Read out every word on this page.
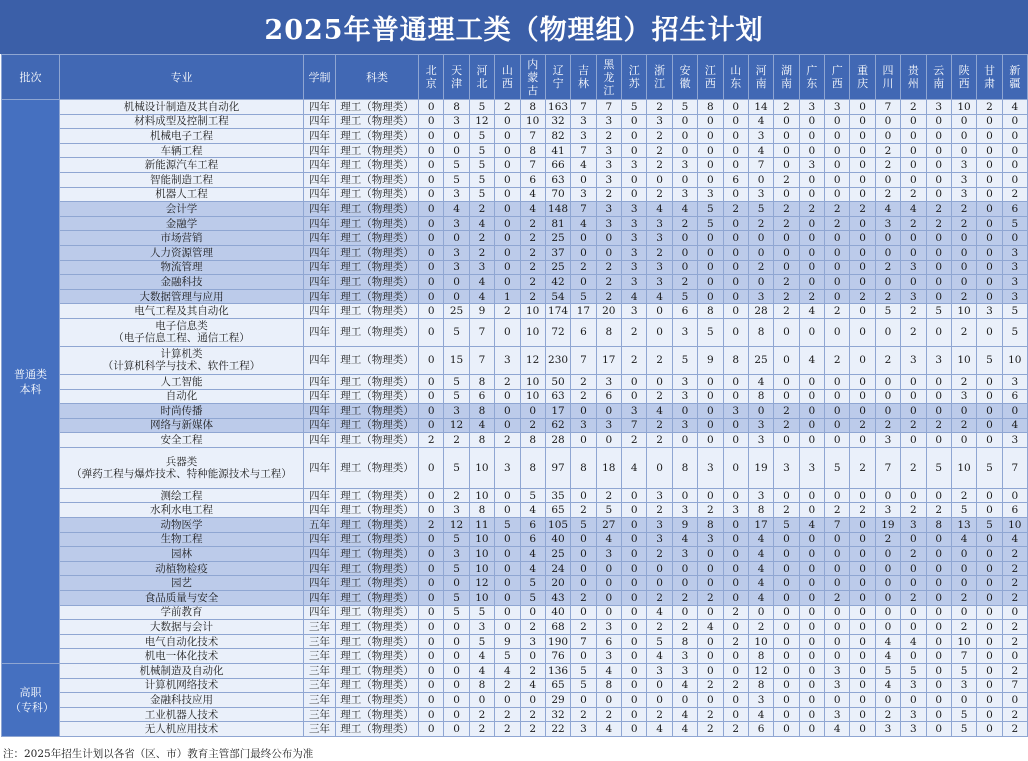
2025年普通理工类（物理组）招生计划
批次	专业	学制	科类	北京	天津	河北	山西	内蒙古	辽宁	吉林	黑龙江	江苏	浙江	安徽	江西	山东	河南	湖南	广东	广西	重庆	四川	贵州	云南	陕西	甘肃	新疆
普通类本科	机械设计制造及其自动化	四年	理工（物理类）	0	8	5	2	8	163	7	7	5	2	5	8	0	14	2	3	3	0	7	2	3	10	2	4
	材料成型及控制工程	四年	理工（物理类）	0	3	12	0	10	32	3	3	0	3	0	0	0	4	0	0	0	0	0	0	0	0	0	0
	机械电子工程	四年	理工（物理类）	0	0	5	0	7	82	3	2	0	2	0	0	0	3	0	0	0	0	0	0	0	0	0	0
	车辆工程	四年	理工（物理类）	0	0	5	0	8	41	7	3	0	2	0	0	0	4	0	0	0	0	2	0	0	0	0	0
	新能源汽车工程	四年	理工（物理类）	0	5	5	0	7	66	4	3	3	2	3	0	0	7	0	3	0	0	2	0	0	3	0	0
	智能制造工程	四年	理工（物理类）	0	5	5	0	6	63	0	3	0	0	0	0	6	0	2	0	0	0	0	0	0	3	0	0
	机器人工程	四年	理工（物理类）	0	3	5	0	4	70	3	2	0	2	3	3	0	3	0	0	0	0	2	2	0	3	0	2
	会计学	四年	理工（物理类）	0	4	2	0	4	148	7	3	3	4	4	5	2	5	2	2	2	2	4	4	2	2	0	6
	金融学	四年	理工（物理类）	0	3	4	0	2	81	4	3	3	3	2	5	0	2	2	0	2	0	3	2	2	2	0	5
	市场营销	四年	理工（物理类）	0	0	2	0	2	25	0	0	3	3	0	0	0	0	0	0	0	0	0	0	0	0	0	0
	人力资源管理	四年	理工（物理类）	0	3	2	0	2	37	0	0	3	2	0	0	0	0	0	0	0	0	0	0	0	0	0	3
	物流管理	四年	理工（物理类）	0	3	3	0	2	25	2	2	3	3	0	0	0	2	0	0	0	0	2	3	0	0	0	3
	金融科技	四年	理工（物理类）	0	0	4	0	2	42	0	2	3	3	2	0	0	0	2	0	0	0	0	0	0	0	0	3
	大数据管理与应用	四年	理工（物理类）	0	0	4	1	2	54	5	2	4	4	5	0	0	3	2	2	0	2	2	3	0	2	0	3
	电气工程及其自动化	四年	理工（物理类）	0	25	9	2	10	174	17	20	3	0	6	8	0	28	2	4	2	0	5	2	5	10	3	5
	电子信息类
（电子信息工程、通信工程）	四年	理工（物理类）	0	5	7	0	10	72	6	8	2	0	3	5	0	8	0	0	0	0	0	2	0	2	0	5
	计算机类
（计算机科学与技术、软件工程）	四年	理工（物理类）	0	15	7	3	12	230	7	17	2	2	5	9	8	25	0	4	2	0	2	3	3	10	5	10
	人工智能	四年	理工（物理类）	0	5	8	2	10	50	2	3	0	0	3	0	0	4	0	0	0	0	0	0	0	2	0	3
	自动化	四年	理工（物理类）	0	5	6	0	10	63	2	6	0	2	3	0	0	8	0	0	0	0	0	0	0	3	0	6
	时尚传播	四年	理工（物理类）	0	3	8	0	0	17	0	0	3	4	0	0	3	0	2	0	0	0	0	0	0	0	0	0
	网络与新媒体	四年	理工（物理类）	0	12	4	0	2	62	3	3	7	2	3	0	0	3	2	0	0	2	2	2	2	2	0	4
	安全工程	四年	理工（物理类）	2	2	8	2	8	28	0	0	2	2	0	0	0	3	0	0	0	0	3	0	0	0	0	3
	兵器类
（弹药工程与爆炸技术、特种能源技术与工程）	四年	理工（物理类）	0	5	10	3	8	97	8	18	4	0	8	3	0	19	3	3	5	2	7	2	5	10	5	7
	测绘工程	四年	理工（物理类）	0	2	10	0	5	35	0	2	0	3	0	0	0	3	0	0	0	0	0	0	0	2	0	0
	水利水电工程	四年	理工（物理类）	0	3	8	0	4	65	2	5	0	2	3	2	3	8	2	0	2	2	3	2	2	5	0	6
	动物医学	五年	理工（物理类）	2	12	11	5	6	105	5	27	0	3	9	8	0	17	5	4	7	0	19	3	8	13	5	10
	生物工程	四年	理工（物理类）	0	5	10	0	6	40	0	4	0	3	4	3	0	4	0	0	0	0	2	0	0	4	0	4
	园林	四年	理工（物理类）	0	3	10	0	4	25	0	3	0	2	3	0	0	4	0	0	0	0	0	2	0	0	0	2
	动植物检疫	四年	理工（物理类）	0	5	10	0	4	24	0	0	0	0	0	0	0	4	0	0	0	0	0	0	0	0	0	2
	园艺	四年	理工（物理类）	0	0	12	0	5	20	0	0	0	0	0	0	0	4	0	0	0	0	0	0	0	0	0	2
	食品质量与安全	四年	理工（物理类）	0	5	10	0	5	43	2	0	0	2	2	2	0	4	0	0	2	0	0	2	0	2	0	2
	学前教育	四年	理工（物理类）	0	5	5	0	0	40	0	0	0	4	0	0	2	0	0	0	0	0	0	0	0	0	0	0
	大数据与会计	三年	理工（物理类）	0	0	3	0	2	68	2	3	0	2	2	4	0	2	0	0	0	0	0	0	0	2	0	2
	电气自动化技术	三年	理工（物理类）	0	0	5	9	3	190	7	6	0	5	8	0	2	10	0	0	0	0	4	4	0	10	0	2
	机电一体化技术	三年	理工（物理类）	0	0	4	5	0	76	0	3	0	4	3	0	0	8	0	0	0	0	4	0	0	7	0	0
高职（专科）	机械制造及自动化	三年	理工（物理类）	0	0	4	4	2	136	5	4	0	3	3	0	0	12	0	0	3	0	5	5	0	5	0	2
	计算机网络技术	三年	理工（物理类）	0	0	8	2	4	65	5	8	0	0	4	2	2	8	0	0	3	0	4	3	0	3	0	7
	金融科技应用	三年	理工（物理类）	0	0	0	0	0	29	0	0	0	0	0	0	0	3	0	0	0	0	0	0	0	0	0	0
	工业机器人技术	三年	理工（物理类）	0	0	2	2	2	32	2	2	0	2	4	2	0	4	0	0	3	0	2	3	0	5	0	2
	无人机应用技术	三年	理工（物理类）	0	0	2	2	2	22	3	4	0	4	4	2	2	6	0	0	4	0	3	3	0	5	0	2
注：2025年招生计划以各省（区、市）教育主管部门最终公布为准
